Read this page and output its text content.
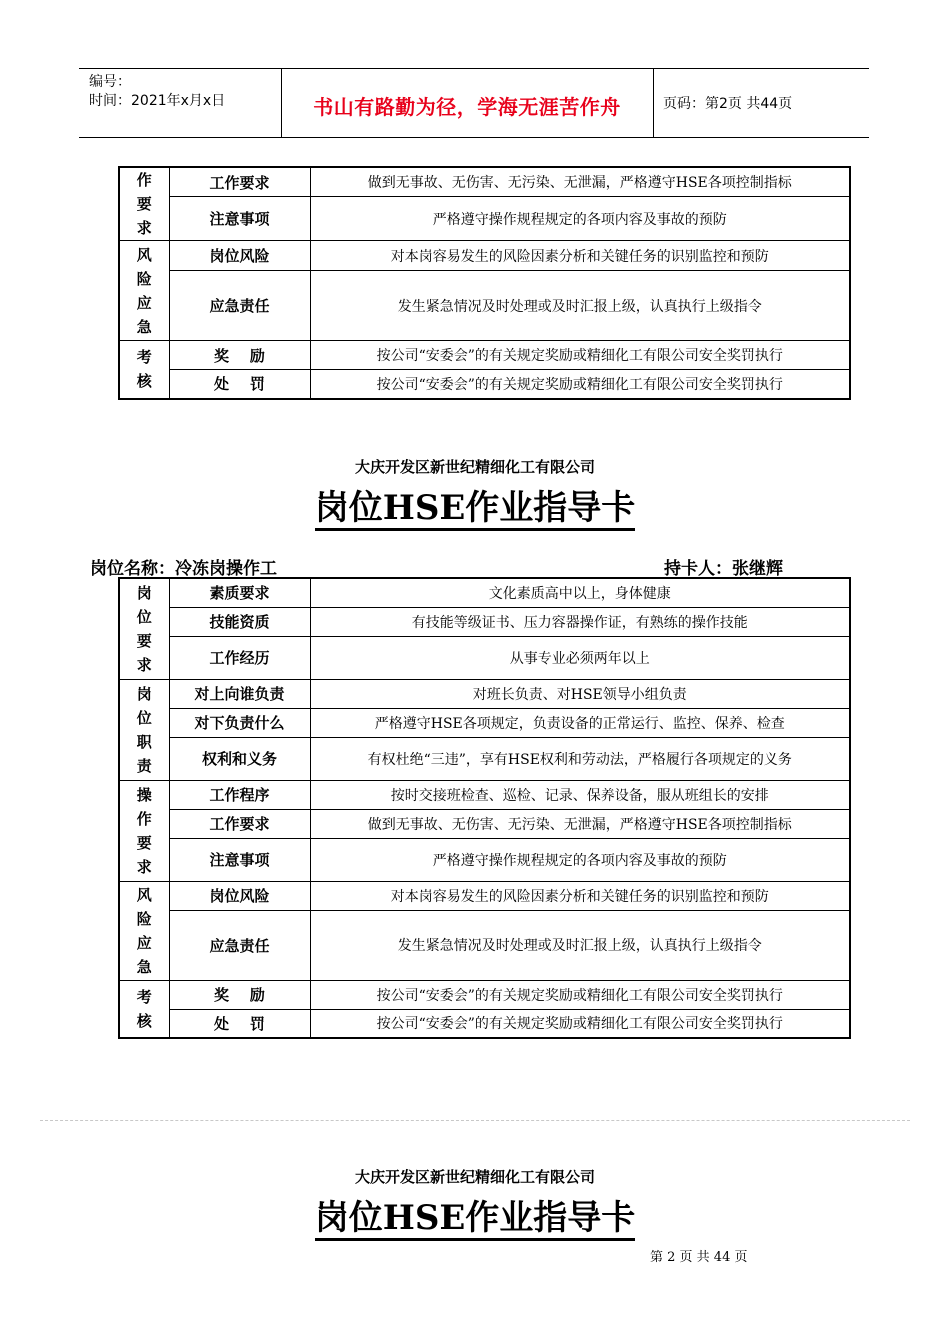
编号：
时间：2021年x月x日	书山有路勤为径，学海无涯苦作舟	页码：第2页 共44页
作要求	工作要求	做到无事故、无伤害、无污染、无泄漏，严格遵守HSE各项控制指标
	注意事项	严格遵守操作规程规定的各项内容及事故的预防
风险应急	岗位风险	对本岗容易发生的风险因素分析和关键任务的识别监控和预防
	应急责任	发生紧急情况及时处理或及时汇报上级，认真执行上级指令
考核	奖    励	按公司“安委会”的有关规定奖励或精细化工有限公司安全奖罚执行
	处    罚	按公司“安委会”的有关规定奖励或精细化工有限公司安全奖罚执行
大庆开发区新世纪精细化工有限公司
岗位HSE作业指导卡
岗位名称：冷冻岗操作工	持卡人：张继辉
岗位要求	素质要求	文化素质高中以上，身体健康
	技能资质	有技能等级证书、压力容器操作证，有熟练的操作技能
	工作经历	从事专业必须两年以上
岗位职责	对上向谁负责	对班长负责、对HSE领导小组负责
	对下负责什么	严格遵守HSE各项规定，负责设备的正常运行、监控、保养、检查
	权利和义务	有权杜绝“三违”，享有HSE权利和劳动法，严格履行各项规定的义务
操作要求	工作程序	按时交接班检查、巡检、记录、保养设备，服从班组长的安排
	工作要求	做到无事故、无伤害、无污染、无泄漏，严格遵守HSE各项控制指标
	注意事项	严格遵守操作规程规定的各项内容及事故的预防
风险应急	岗位风险	对本岗容易发生的风险因素分析和关键任务的识别监控和预防
	应急责任	发生紧急情况及时处理或及时汇报上级，认真执行上级指令
考核	奖    励	按公司“安委会”的有关规定奖励或精细化工有限公司安全奖罚执行
	处    罚	按公司“安委会”的有关规定奖励或精细化工有限公司安全奖罚执行
大庆开发区新世纪精细化工有限公司
岗位HSE作业指导卡
第 2 页 共 44 页
